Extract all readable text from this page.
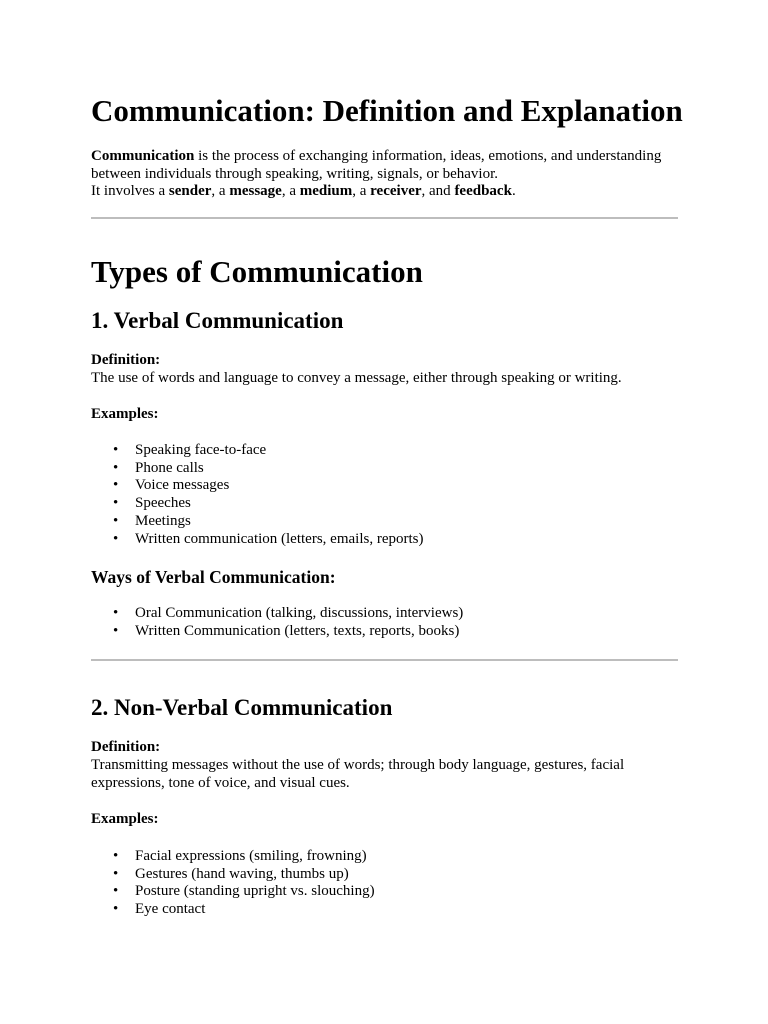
Communication: Definition and Explanation

Communication is the process of exchanging information, ideas, emotions, and understanding between individuals through speaking, writing, signals, or behavior.
It involves a sender, a message, a medium, a receiver, and feedback.

Types of Communication
1. Verbal Communication
Definition:

The use of words and language to convey a message, either through speaking or writing.

Examples:
• Speaking face-to-face
• Phone calls
• Voice messages
• Speeches
• Meetings
• Written communication (letters, emails, reports)
Ways of Verbal Communication:
• Oral Communication (talking, discussions, interviews)
• Written Communication (letters, texts, reports, books)
2. Non-Verbal Communication
Definition:

Transmitting messages without the use of words; through body language, gestures, facial expressions, tone of voice, and visual cues.

Examples:
• Facial expressions (smiling, frowning)
• Gestures (hand waving, thumbs up)
• Posture (standing upright vs. slouching)
• Eye contact
